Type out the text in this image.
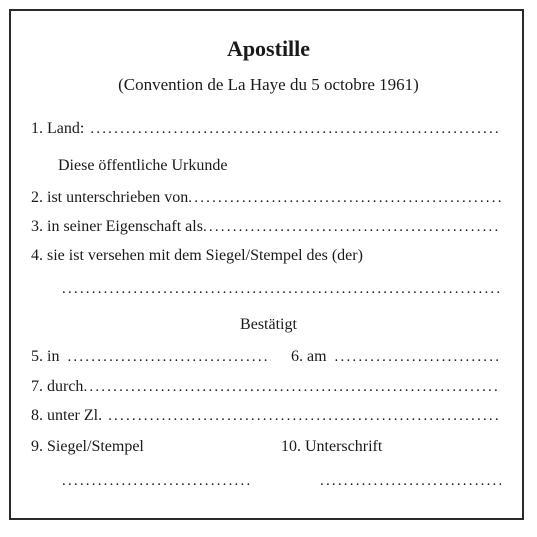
Apostille
(Convention de La Haye du 5 octobre 1961)
1. Land:
.....
Diese öffentliche Urkunde
2. ist unterschrieben von
.....
3. in seiner Eigenschaft als
.....
4. sie ist versehen mit dem Siegel/Stempel des (der)
.....
Bestätigt
5. in
.....	6. am
.....
7. durch
.....
8. unter Zl.
.....
9. Siegel/Stempel	10. Unterschrift
.....
.....
